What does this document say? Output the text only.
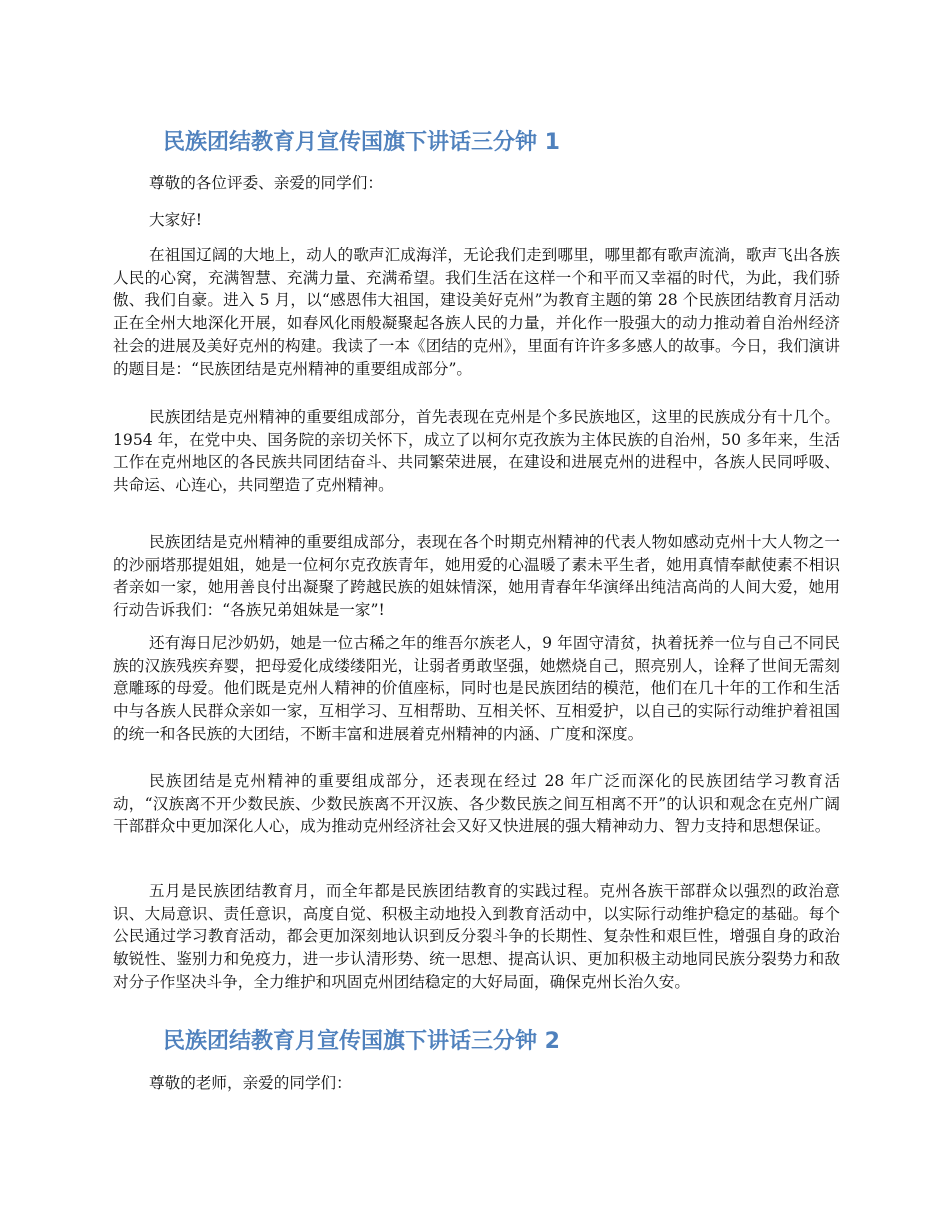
民族团结教育月宣传国旗下讲话三分钟 1

尊敬的各位评委、亲爱的同学们：

大家好!

在祖国辽阔的大地上，动人的歌声汇成海洋，无论我们走到哪里，哪里都有歌声流淌，歌声飞出各族人民的心窝，充满智慧、充满力量、充满希望。我们生活在这样一个和平而又幸福的时代，为此，我们骄傲、我们自豪。进入 5 月，以“感恩伟大祖国，建设美好克州”为教育主题的第 28 个民族团结教育月活动正在全州大地深化开展，如春风化雨般凝聚起各族人民的力量，并化作一股强大的动力推动着自治州经济社会的进展及美好克州的构建。我读了一本《团结的克州》，里面有许许多多感人的故事。今日，我们演讲的题目是：“民族团结是克州精神的重要组成部分”。

民族团结是克州精神的重要组成部分，首先表现在克州是个多民族地区，这里的民族成分有十几个。1954 年，在党中央、国务院的亲切关怀下，成立了以柯尔克孜族为主体民族的自治州，50 多年来，生活工作在克州地区的各民族共同团结奋斗、共同繁荣进展，在建设和进展克州的进程中，各族人民同呼吸、共命运、心连心，共同塑造了克州精神。

民族团结是克州精神的重要组成部分，表现在各个时期克州精神的代表人物如感动克州十大人物之一的沙丽塔那提姐姐，她是一位柯尔克孜族青年，她用爱的心温暖了素未平生者，她用真情奉献使素不相识者亲如一家，她用善良付出凝聚了跨越民族的姐妹情深，她用青春年华演绎出纯洁高尚的人间大爱，她用行动告诉我们：“各族兄弟姐妹是一家”!

还有海日尼沙奶奶，她是一位古稀之年的维吾尔族老人，9 年固守清贫，执着抚养一位与自己不同民族的汉族残疾弃婴，把母爱化成缕缕阳光，让弱者勇敢坚强，她燃烧自己，照亮别人，诠释了世间无需刻意雕琢的母爱。他们既是克州人精神的价值座标，同时也是民族团结的模范，他们在几十年的工作和生活中与各族人民群众亲如一家，互相学习、互相帮助、互相关怀、互相爱护，以自己的实际行动维护着祖国的统一和各民族的大团结，不断丰富和进展着克州精神的内涵、广度和深度。

民族团结是克州精神的重要组成部分，还表现在经过 28 年广泛而深化的民族团结学习教育活动，“汉族离不开少数民族、少数民族离不开汉族、各少数民族之间互相离不开”的认识和观念在克州广阔干部群众中更加深化人心，成为推动克州经济社会又好又快进展的强大精神动力、智力支持和思想保证。

五月是民族团结教育月，而全年都是民族团结教育的实践过程。克州各族干部群众以强烈的政治意识、大局意识、责任意识，高度自觉、积极主动地投入到教育活动中，以实际行动维护稳定的基础。每个公民通过学习教育活动，都会更加深刻地认识到反分裂斗争的长期性、复杂性和艰巨性，增强自身的政治敏锐性、鉴别力和免疫力，进一步认清形势、统一思想、提高认识、更加积极主动地同民族分裂势力和敌对分子作坚决斗争，全力维护和巩固克州团结稳定的大好局面，确保克州长治久安。

民族团结教育月宣传国旗下讲话三分钟 2

尊敬的老师，亲爱的同学们：
